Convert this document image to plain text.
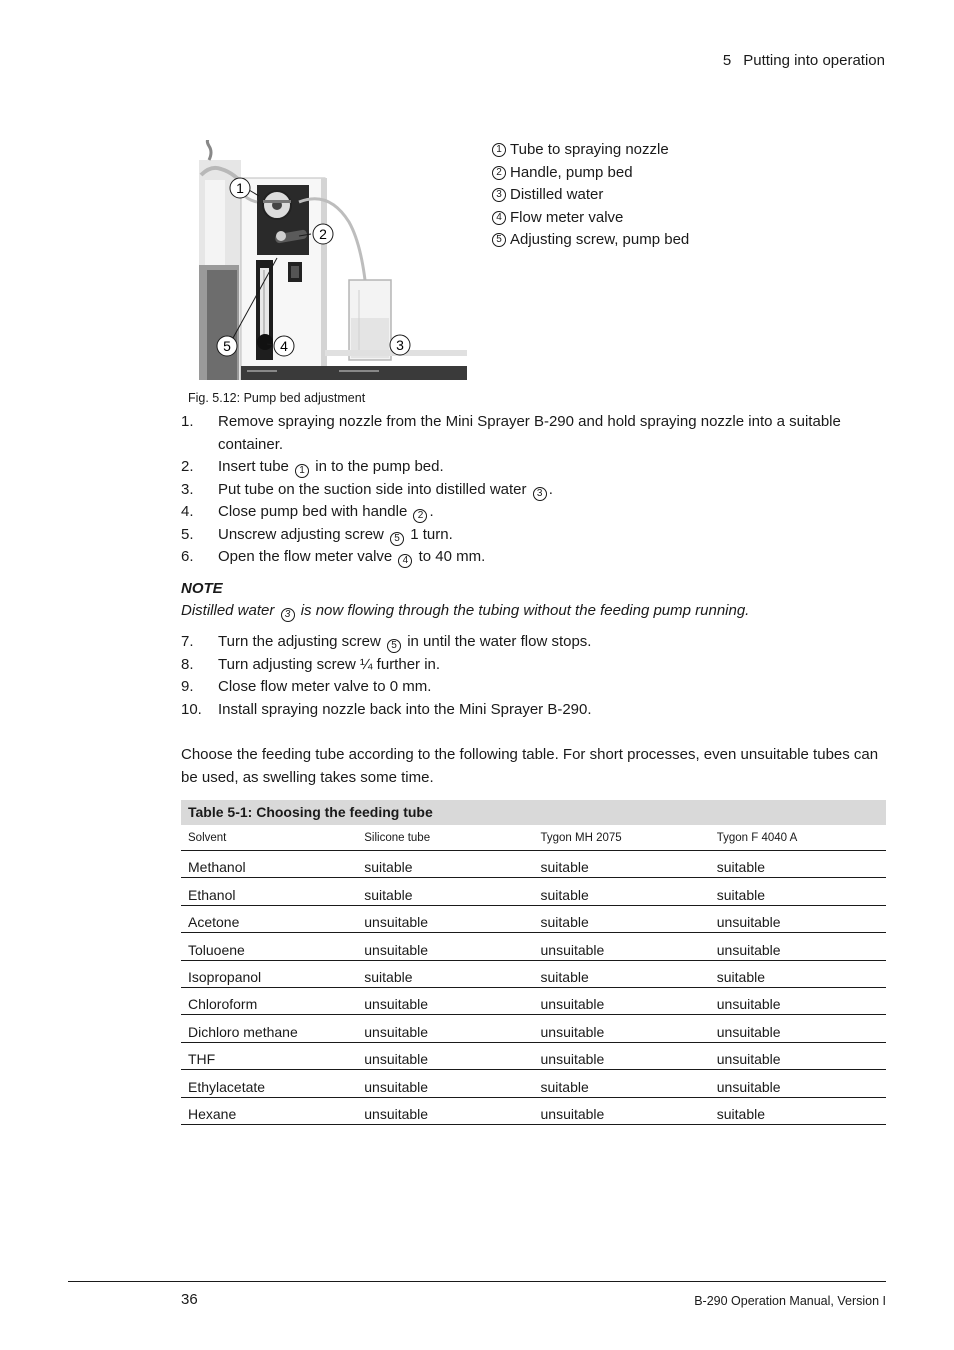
5 Putting into operation
1
2
3
4
5
1 Tube to spraying nozzle
2 Handle, pump bed
3 Distilled water
4 Flow meter valve
5 Adjusting screw, pump bed
Fig. 5.12: Pump bed adjustment
1.	Remove spraying nozzle from the Mini Sprayer B-290 and hold spraying nozzle into a suitable container.
2.	Insert tube 1 in to the pump bed.
3.	Put tube on the suction side into distilled water 3 .
4.	Close pump bed with handle 2 .
5.	Unscrew adjusting screw 5 1 turn.
6.	Open the flow meter valve 4 to 40 mm.
NOTE
Distilled water 3 is now flowing through the tubing without the feeding pump running.
7.	Turn the adjusting screw 5 in until the water flow stops.
8.	Turn adjusting screw ¼ further in.
9.	Close flow meter valve to 0 mm.
10.	Install spraying nozzle back into the Mini Sprayer B-290.
Choose the feeding tube according to the following table. For short processes, even unsuitable tubes can be used, as swelling takes some time.
Table 5-1: Choosing the feeding tube
Solvent	Silicone tube	Tygon MH 2075	Tygon F 4040 A
Methanol	suitable	suitable	suitable
Ethanol	suitable	suitable	suitable
Acetone	unsuitable	suitable	unsuitable
Toluoene	unsuitable	unsuitable	unsuitable
Isopropanol	suitable	suitable	suitable
Chloroform	unsuitable	unsuitable	unsuitable
Dichloro methane	unsuitable	unsuitable	unsuitable
THF	unsuitable	unsuitable	unsuitable
Ethylacetate	unsuitable	suitable	unsuitable
Hexane	unsuitable	unsuitable	suitable
36	B-290 Operation Manual, Version I
